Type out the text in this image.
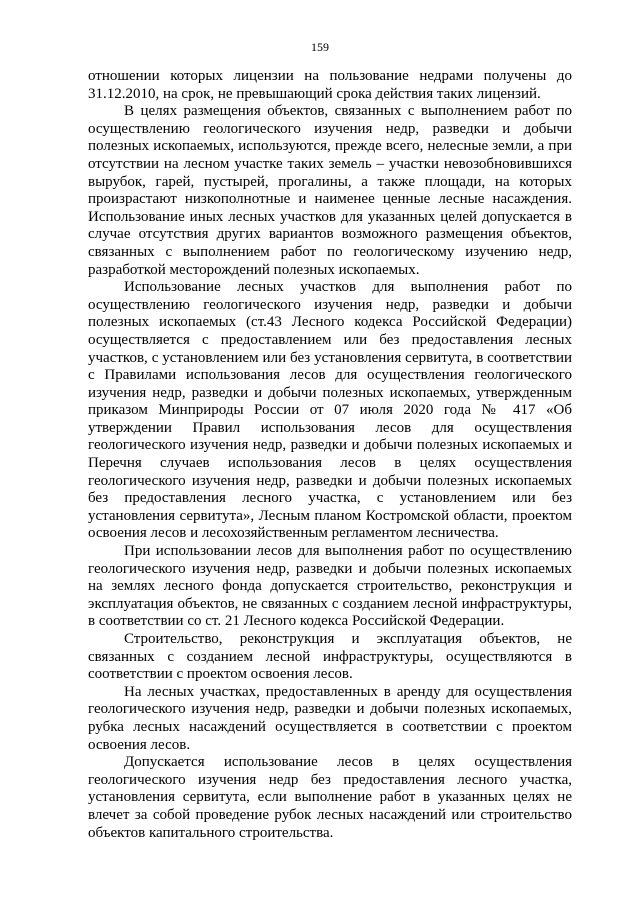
159

отношении которых лицензии на пользование недрами получены до 31.12.2010, на срок, не превышающий срока действия таких лицензий.

В целях размещения объектов, связанных с выполнением работ по осуществлению геологического изучения недр, разведки и добычи полезных ископаемых, используются, прежде всего, нелесные земли, а при отсутствии на лесном участке таких земель – участки невозобновившихся вырубок, гарей, пустырей, прогалины, а также площади, на которых произрастают низкополнотные и наименее ценные лесные насаждения. Использование иных лесных участков для указанных целей допускается в случае отсутствия других вариантов возможного размещения объектов, связанных с выполнением работ по геологическому изучению недр, разработкой месторождений полезных ископаемых.

Использование лесных участков для выполнения работ по осуществлению геологического изучения недр, разведки и добычи полезных ископаемых (ст.43 Лесного кодекса Российской Федерации) осуществляется с предоставлением или без предоставления лесных участков, с установлением или без установления сервитута, в соответствии с Правилами использования лесов для осуществления геологического изучения недр, разведки и добычи полезных ископаемых, утвержденным приказом Минприроды России от 07 июля 2020 года № 417 «Об утверждении Правил использования лесов для осуществления геологического изучения недр, разведки и добычи полезных ископаемых и Перечня случаев использования лесов в целях осуществления геологического изучения недр, разведки и добычи полезных ископаемых без предоставления лесного участка, с установлением или без установления сервитута», Лесным планом Костромской области, проектом освоения лесов и лесохозяйственным регламентом лесничества.

При использовании лесов для выполнения работ по осуществлению геологического изучения недр, разведки и добычи полезных ископаемых на землях лесного фонда допускается строительство, реконструкция и эксплуатация объектов, не связанных с созданием лесной инфраструктуры, в соответствии со ст. 21 Лесного кодекса Российской Федерации.

Строительство, реконструкция и эксплуатация объектов, не связанных с созданием лесной инфраструктуры, осуществляются в соответствии с проектом освоения лесов.

На лесных участках, предоставленных в аренду для осуществления геологического изучения недр, разведки и добычи полезных ископаемых, рубка лесных насаждений осуществляется в соответствии с проектом освоения лесов.

Допускается использование лесов в целях осуществления геологического изучения недр без предоставления лесного участка, установления сервитута, если выполнение работ в указанных целях не влечет за собой проведение рубок лесных насаждений или строительство объектов капитального строительства.
